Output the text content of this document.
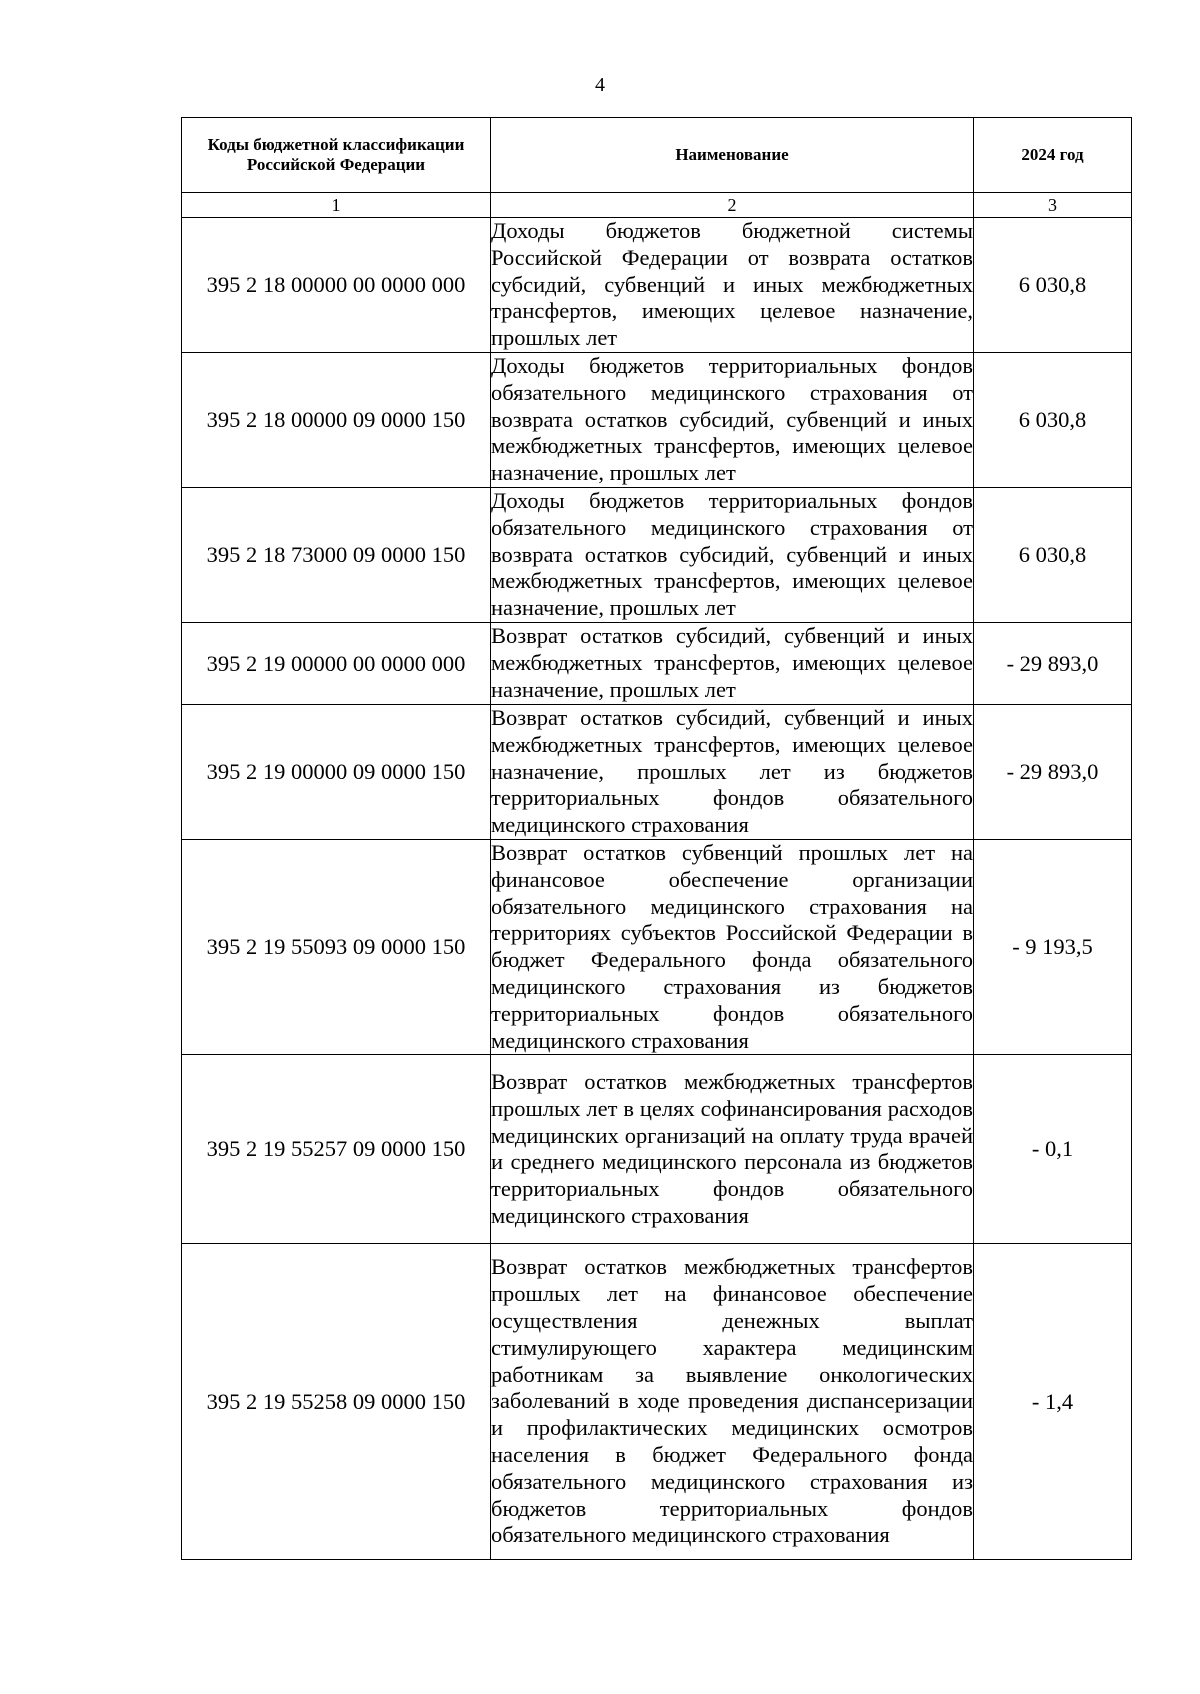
4
Коды бюджетной классификации Российской Федерации	Наименование	2024 год
1	2	3
395 2 18 00000 00 0000 000	Доходы бюджетов бюджетной системы Российской Федерации от возврата остатков субсидий, субвенций и иных межбюджетных трансфертов, имеющих целевое назначение, прошлых лет	6 030,8
395 2 18 00000 09 0000 150	Доходы бюджетов территориальных фондов обязательного медицинского страхования от возврата остатков субсидий, субвенций и иных межбюджетных трансфертов, имеющих целевое назначение, прошлых лет	6 030,8
395 2 18 73000 09 0000 150	Доходы бюджетов территориальных фондов обязательного медицинского страхования от возврата остатков субсидий, субвенций и иных межбюджетных трансфертов, имеющих целевое назначение, прошлых лет	6 030,8
395 2 19 00000 00 0000 000	Возврат остатков субсидий, субвенций и иных межбюджетных трансфертов, имеющих целевое назначение, прошлых лет	- 29 893,0
395 2 19 00000 09 0000 150	Возврат остатков субсидий, субвенций и иных межбюджетных трансфертов, имеющих целевое назначение, прошлых лет из бюджетов территориальных фондов обязательного медицинского страхования	- 29 893,0
395 2 19 55093 09 0000 150	Возврат остатков субвенций прошлых лет на финансовое обеспечение организации обязательного медицинского страхования на территориях субъектов Российской Федерации в бюджет Федерального фонда обязательного медицинского страхования из бюджетов территориальных фондов обязательного медицинского страхования	- 9 193,5
395 2 19 55257 09 0000 150	Возврат остатков межбюджетных трансфертов прошлых лет в целях софинансирования расходов медицинских организаций на оплату труда врачей и среднего медицинского персонала из бюджетов территориальных фондов обязательного медицинского страхования	- 0,1
395 2 19 55258 09 0000 150	Возврат остатков межбюджетных трансфертов прошлых лет на финансовое обеспечение осуществления денежных выплат стимулирующего характера медицинским работникам за выявление онкологических заболеваний в ходе проведения диспансеризации и профилактических медицинских осмотров населения в бюджет Федерального фонда обязательного медицинского страхования из бюджетов территориальных фондов обязательного медицинского страхования	- 1,4
